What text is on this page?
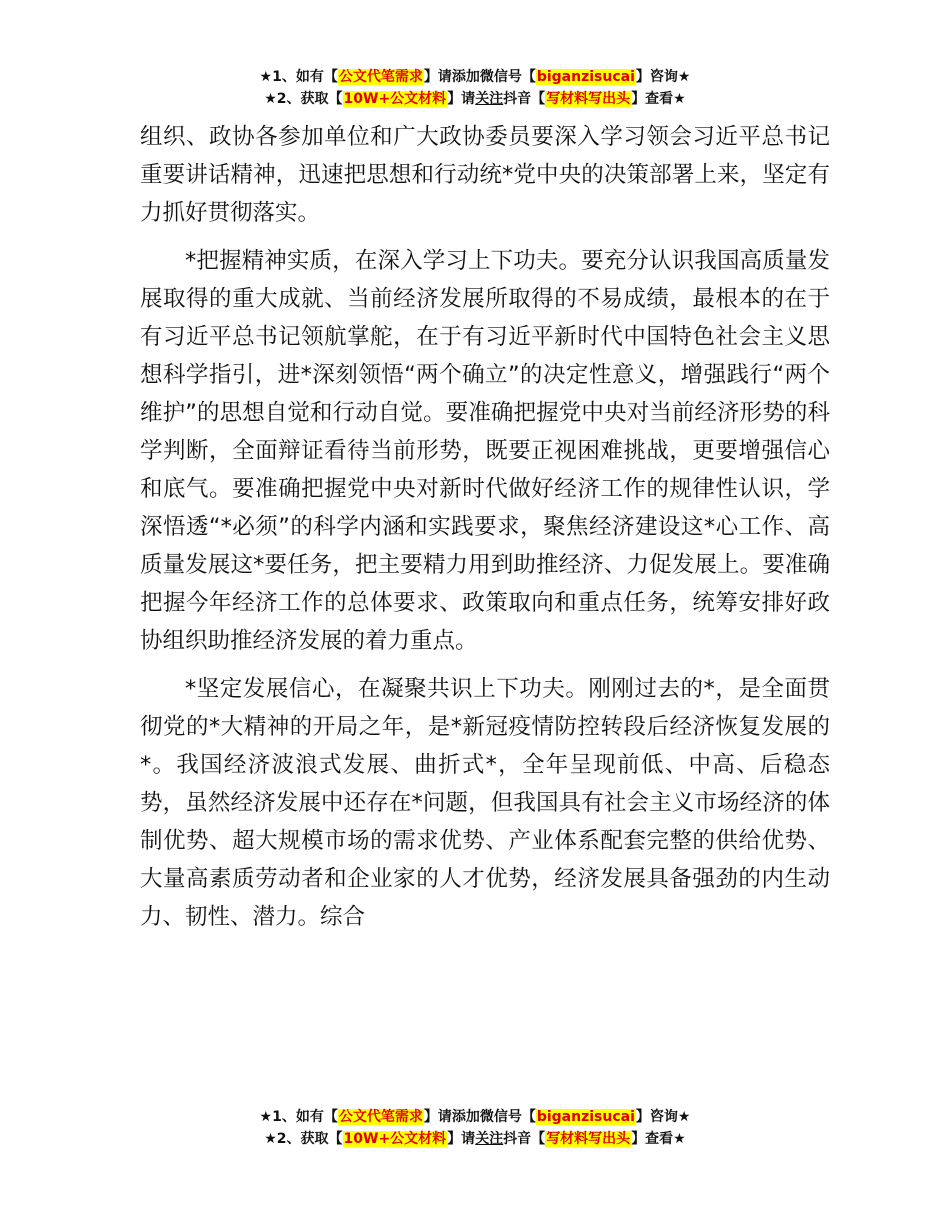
★1、如有【公文代笔需求】请添加微信号【biganzisucai】咨询★
★2、获取【10W+公文材料】请关注抖音【写材料写出头】查看★

组织、政协各参加单位和广大政协委员要深入学习领会习近平总书记重要讲话精神，迅速把思想和行动统*党中央的决策部署上来，坚定有力抓好贯彻落实。

*把握精神实质，在深入学习上下功夫。要充分认识我国高质量发展取得的重大成就、当前经济发展所取得的不易成绩，最根本的在于有习近平总书记领航掌舵，在于有习近平新时代中国特色社会主义思想科学指引，进*深刻领悟“两个确立”的决定性意义，增强践行“两个维护”的思想自觉和行动自觉。要准确把握党中央对当前经济形势的科学判断，全面辩证看待当前形势，既要正视困难挑战，更要增强信心和底气。要准确把握党中央对新时代做好经济工作的规律性认识，学深悟透“*必须”的科学内涵和实践要求，聚焦经济建设这*心工作、高质量发展这*要任务，把主要精力用到助推经济、力促发展上。要准确把握今年经济工作的总体要求、政策取向和重点任务，统筹安排好政协组织助推经济发展的着力重点。

*坚定发展信心，在凝聚共识上下功夫。刚刚过去的*，是全面贯彻党的*大精神的开局之年，是*新冠疫情防控转段后经济恢复发展的*。我国经济波浪式发展、曲折式*，全年呈现前低、中高、后稳态势，虽然经济发展中还存在*问题，但我国具有社会主义市场经济的体制优势、超大规模市场的需求优势、产业体系配套完整的供给优势、大量高素质劳动者和企业家的人才优势，经济发展具备强劲的内生动力、韧性、潜力。综合

★1、如有【公文代笔需求】请添加微信号【biganzisucai】咨询★
★2、获取【10W+公文材料】请关注抖音【写材料写出头】查看★
